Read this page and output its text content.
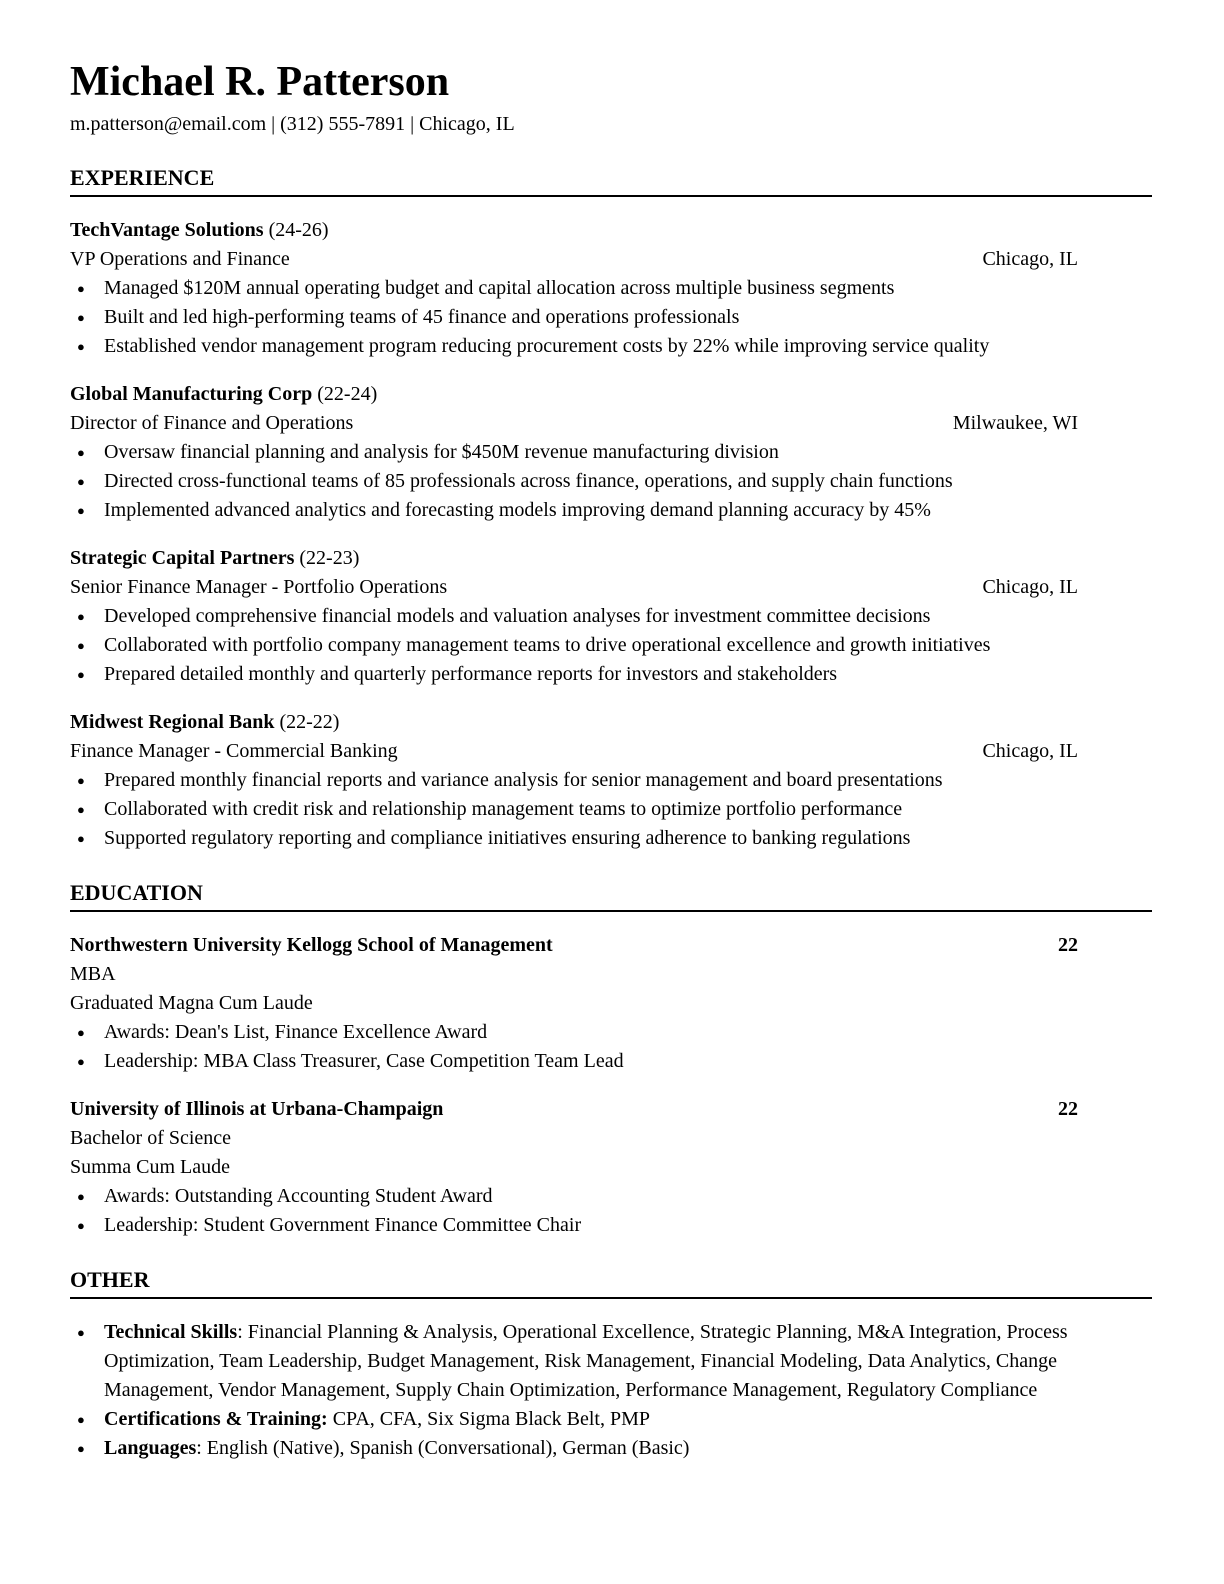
Michael R. Patterson
m.patterson@email.com | (312) 555-7891 | Chicago, IL
EXPERIENCE
TechVantage Solutions (24-26)
VP Operations and Finance	Chicago, IL
● Managed $120M annual operating budget and capital allocation across multiple business segments
● Built and led high-performing teams of 45 finance and operations professionals
● Established vendor management program reducing procurement costs by 22% while improving service quality
Global Manufacturing Corp (22-24)
Director of Finance and Operations	Milwaukee, WI
● Oversaw financial planning and analysis for $450M revenue manufacturing division
● Directed cross-functional teams of 85 professionals across finance, operations, and supply chain functions
● Implemented advanced analytics and forecasting models improving demand planning accuracy by 45%
Strategic Capital Partners (22-23)
Senior Finance Manager - Portfolio Operations	Chicago, IL
● Developed comprehensive financial models and valuation analyses for investment committee decisions
● Collaborated with portfolio company management teams to drive operational excellence and growth initiatives
● Prepared detailed monthly and quarterly performance reports for investors and stakeholders
Midwest Regional Bank (22-22)
Finance Manager - Commercial Banking	Chicago, IL
● Prepared monthly financial reports and variance analysis for senior management and board presentations
● Collaborated with credit risk and relationship management teams to optimize portfolio performance
● Supported regulatory reporting and compliance initiatives ensuring adherence to banking regulations
EDUCATION
Northwestern University Kellogg School of Management	22
MBA
Graduated Magna Cum Laude
● Awards: Dean's List, Finance Excellence Award
● Leadership: MBA Class Treasurer, Case Competition Team Lead
University of Illinois at Urbana-Champaign	22
Bachelor of Science
Summa Cum Laude
● Awards: Outstanding Accounting Student Award
● Leadership: Student Government Finance Committee Chair
OTHER
● Technical Skills: Financial Planning & Analysis, Operational Excellence, Strategic Planning, M&A Integration, Process Optimization, Team Leadership, Budget Management, Risk Management, Financial Modeling, Data Analytics, Change Management, Vendor Management, Supply Chain Optimization, Performance Management, Regulatory Compliance
● Certifications & Training: CPA, CFA, Six Sigma Black Belt, PMP
● Languages: English (Native), Spanish (Conversational), German (Basic)
